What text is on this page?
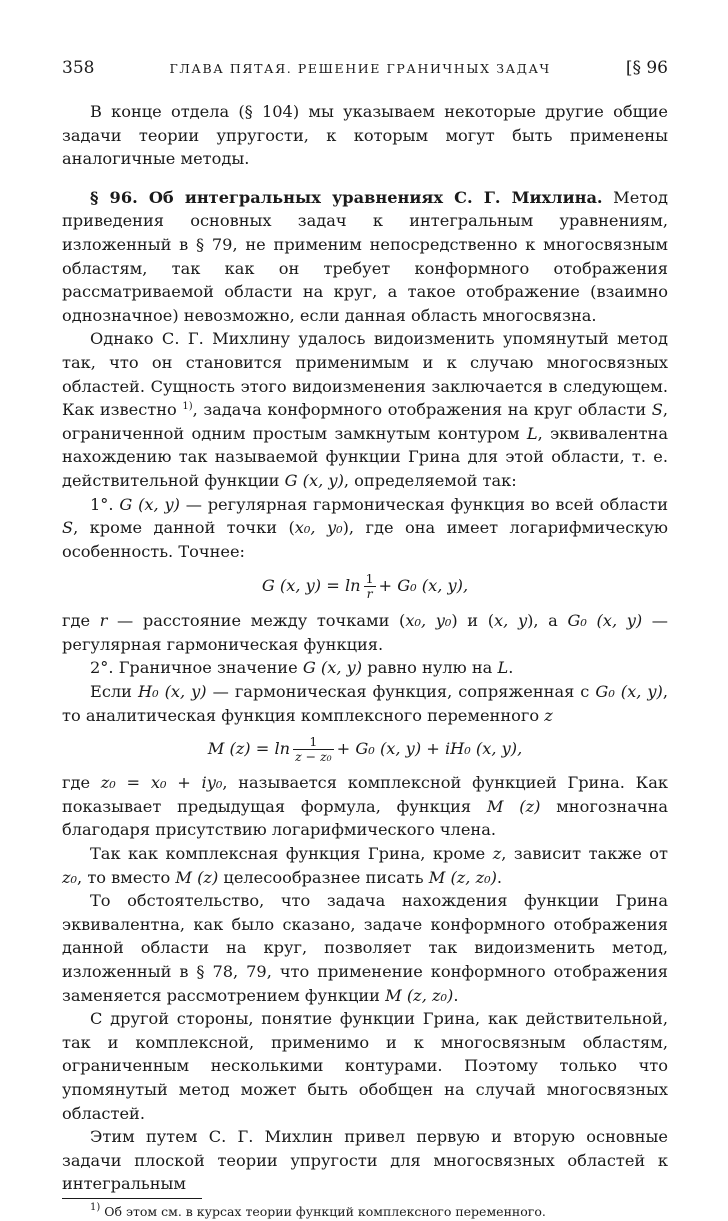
358	ГЛАВА ПЯТАЯ. РЕШЕНИЕ ГРАНИЧНЫХ ЗАДАЧ	[§ 96

В конце отдела (§ 104) мы указываем некоторые другие общие задачи теории упругости, к которым могут быть применены аналогичные методы.

§ 96. Об интегральных уравнениях С. Г. Михлина. Метод приведения основных задач к интегральным уравнениям, изложенный в § 79, не применим непосредственно к многосвязным областям, так как он требует конформного отображения рассматриваемой области на круг, а такое отображение (взаимно однозначное) невозможно, если данная область многосвязна.

Однако С. Г. Михлину удалось видоизменить упомянутый метод так, что он становится применимым и к случаю многосвязных областей. Сущность этого видоизменения заключается в следующем. Как известно $^{1)}$, задача конформного отображения на круг области S, ограниченной одним простым замкнутым контуром L, эквивалентна нахождению так называемой функции Грина для этой области, т. е. действительной функции G (x, y), определяемой так:

1°. G (x, y) — регулярная гармоническая функция во всей области S, кроме данной точки (x₀, y₀), где она имеет логарифмическую особенность. Точнее:

G (x, $y) = \ln \frac{1}{r} + G_0$ (x, y),

где r — расстояние между точками (x₀, y₀) и (x, y), а G₀ (x, y) — регулярная гармоническая функция.

2°. Граничное значение G (x, y) равно нулю на L.

Если H₀ (x, y) — гармоническая функция, сопряженная с G₀ (x, y), то аналитическая функция комплексного переменного z

M $(z) = \ln \frac{1}{\text{z − z₀}} + G_0$ (x, y) + iH₀ (x, y),

где z₀ = x₀ + iy₀, называется комплексной функцией Грина. Как показывает предыдущая формула, функция M (z) многозначна благодаря присутствию логарифмического члена.

Так как комплексная функция Грина, кроме z, зависит также от z₀, то вместо M (z) целесообразнее писать M (z, z₀).

То обстоятельство, что задача нахождения функции Грина эквивалентна, как было сказано, задаче конформного отображения данной области на круг, позволяет так видоизменить метод, изложенный в § 78, 79, что применение конформного отображения заменяется рассмотрением функции M (z, z₀).

С другой стороны, понятие функции Грина, как действительной, так и комплексной, применимо и к многосвязным областям, ограниченным несколькими контурами. Поэтому только что упомянутый метод может быть обобщен на случай многосвязных областей.

Этим путем С. Г. Михлин привел первую и вторую основные задачи плоской теории упругости для многосвязных областей к интегральным

$^{1)}$ Об этом см. в курсах теории функций комплексного переменного.
